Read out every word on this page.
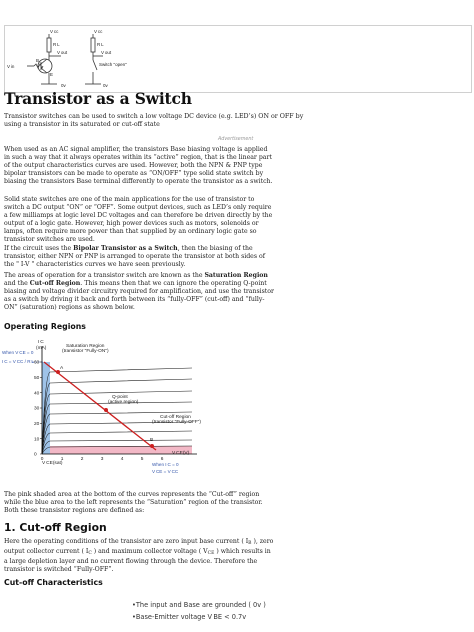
V cc
R L
V out
B
E
V in
0v
V cc
R L
V out
Switch "open"
0v
Transistor as a Switch
Transistor switches can be used to switch a low voltage DC device (e.g. LED’s) ON or OFF by using a transistor in its saturated or cut-off state
Advertisement

When used as an AC signal amplifier, the transistors Base biasing voltage is applied in such a way that it always operates within its “active” region, that is the linear part of the output characteristics curves are used. However, both the NPN & PNP type bipolar transistors can be made to operate as “ON/OFF” type solid state switch by biasing the transistors Base terminal differently to operate the transistor as a switch.

Solid state switches are one of the main applications for the use of transistor to switch a DC output “ON” or “OFF”. Some output devices, such as LED’s only require a few milliamps at logic level DC voltages and can therefore be driven directly by the output of a logic gate. However, high power devices such as motors, solenoids or lamps, often require more power than that supplied by an ordinary logic gate so transistor switches are used.

If the circuit uses the Bipolar Transistor as a Switch, then the biasing of the transistor, either NPN or PNP is arranged to operate the transistor at both sides of the " I-V " characteristics curves we have seen previously.

The areas of operation for a transistor switch are known as the Saturation Region and the Cut-off Region. This means then that we can ignore the operating Q-point biasing and voltage divider circuitry required for amplification, and use the transistor as a switch by driving it back and forth between its “fully-OFF” (cut-off) and “fully-ON” (saturation) regions as shown below.

Operating Regions
0
10
20
30
40
50
60
0	1	2	3	4	5	6
I C
(mA)
V CE(V)
Saturation Region
(transistor "Fully-ON")
Q-point
(active region)
Cut-off Region
(transistor "Fully-OFF")
A
B
V CE(sat)
When V CE = 0
I C = V CC / R L
When I C = 0
V CE = V CC

The pink shaded area at the bottom of the curves represents the “Cut-off” region while the blue area to the left represents the “Saturation” region of the transistor. Both these transistor regions are defined as:

1. Cut-off Region

Here the operating conditions of the transistor are zero input base current ( $I_B$ ), zero output collector current ( $I_C$ ) and maximum collector voltage ( $V_{CE}$ ) which results in a large depletion layer and no current flowing through the device. Therefore the transistor is switched “Fully-OFF”.

Cut-off Characteristics
• The input and Base are grounded ( 0v )
• Base-Emitter voltage V BE < 0.7v
